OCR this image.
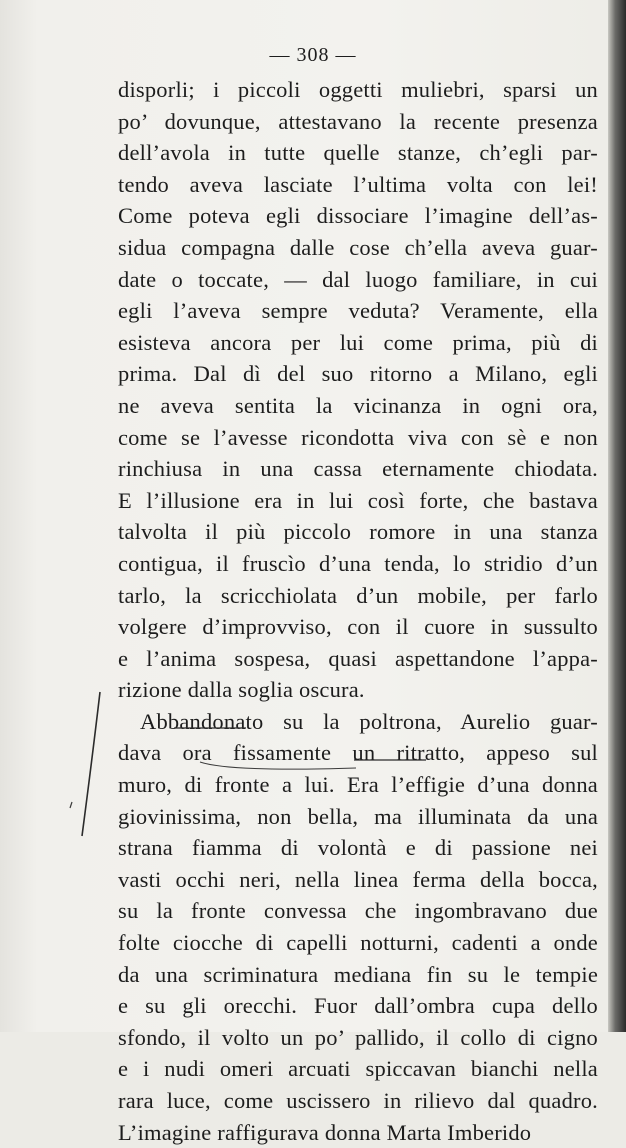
— 308 —
disporli; i piccoli oggetti muliebri, sparsi un
po’ dovunque, attestavano la recente presenza
dell’avola in tutte quelle stanze, ch’egli par-
tendo aveva lasciate l’ultima volta con lei!
Come poteva egli dissociare l’imagine dell’as-
sidua compagna dalle cose ch’ella aveva guar-
date o toccate, — dal luogo familiare, in cui
egli l’aveva sempre veduta? Veramente, ella
esisteva ancora per lui come prima, più di
prima. Dal dì del suo ritorno a Milano, egli
ne aveva sentita la vicinanza in ogni ora,
come se l’avesse ricondotta viva con sè e non
rinchiusa in una cassa eternamente chiodata.
E l’illusione era in lui così forte, che bastava
talvolta il più piccolo romore in una stanza
contigua, il fruscìo d’una tenda, lo stridio d’un
tarlo, la scricchiolata d’un mobile, per farlo
volgere d’improvviso, con il cuore in sussulto
e l’anima sospesa, quasi aspettandone l’appa-
rizione dalla soglia oscura.
Abbandonato su la poltrona, Aurelio guar-
dava ora fissamente un ritratto, appeso sul
muro, di fronte a lui. Era l’effigie d’una donna
giovinissima, non bella, ma illuminata da una
strana fiamma di volontà e di passione nei
vasti occhi neri, nella linea ferma della bocca,
su la fronte convessa che ingombravano due
folte ciocche di capelli notturni, cadenti a onde
da una scriminatura mediana fin su le tempie
e su gli orecchi. Fuor dall’ombra cupa dello
sfondo, il volto un po’ pallido, il collo di cigno
e i nudi omeri arcuati spiccavan bianchi nella
rara luce, come uscissero in rilievo dal quadro.
L’imagine raffigurava donna Marta Imberido
